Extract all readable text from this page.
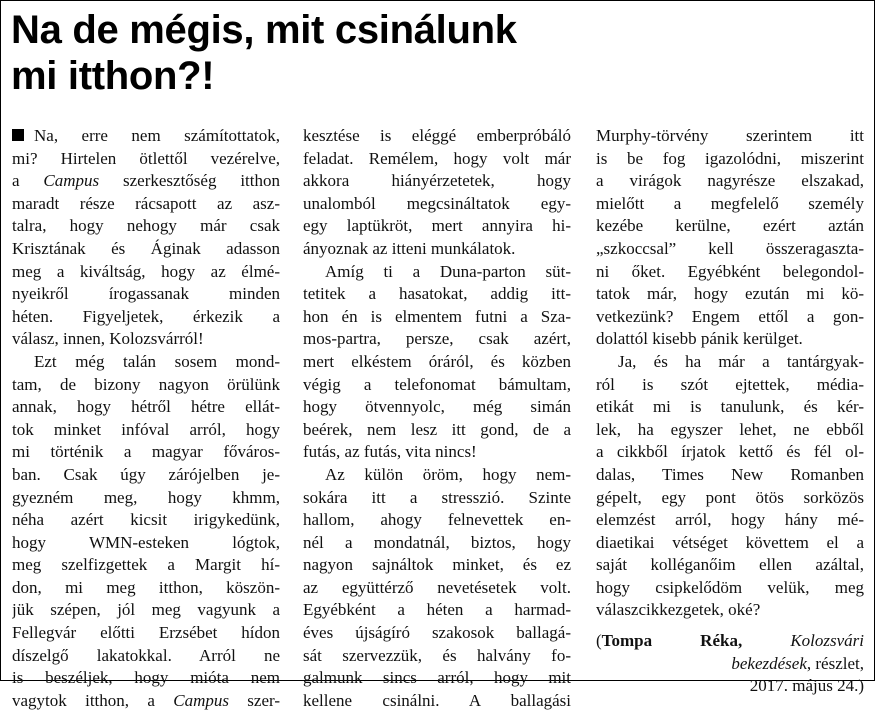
Na de mégis, mit csinálunk
mi itthon?!
Na, erre nem számítottatok,
mi? Hirtelen ötlettől vezérelve,
a Campus szerkesztőség itthon
maradt része rácsapott az asz-
talra, hogy nehogy már csak
Krisztának és Áginak adasson
meg a kiváltság, hogy az élmé-
nyeikről írogassanak minden
héten. Figyeljetek, érkezik a
válasz, innen, Kolozsvárról!
Ezt még talán sosem mond-
tam, de bizony nagyon örülünk
annak, hogy hétről hétre ellát-
tok minket infóval arról, hogy
mi történik a magyar főváros-
ban. Csak úgy zárójelben je-
gyezném meg, hogy khmm,
néha azért kicsit irigykedünk,
hogy WMN-esteken lógtok,
meg szelfizgettek a Margit hí-
don, mi meg itthon, köszön-
jük szépen, jól meg vagyunk a
Fellegvár előtti Erzsébet hídon
díszelgő lakatokkal. Arról ne
is beszéljek, hogy mióta nem
vagytok itthon, a Campus szer-
kesztése is eléggé emberpróbáló
feladat. Remélem, hogy volt már
akkora hiányérzetetek, hogy
unalomból megcsináltatok egy-
egy laptükröt, mert annyira hi-
ányoznak az itteni munkálatok.
Amíg ti a Duna-parton süt-
tetitek a hasatokat, addig itt-
hon én is elmentem futni a Sza-
mos-partra, persze, csak azért,
mert elkéstem óráról, és közben
végig a telefonomat bámultam,
hogy ötvennyolc, még simán
beérek, nem lesz itt gond, de a
futás, az futás, vita nincs!
Az külön öröm, hogy nem-
sokára itt a stresszió. Szinte
hallom, ahogy felnevettek en-
nél a mondatnál, biztos, hogy
nagyon sajnáltok minket, és ez
az együttérző nevetésetek volt.
Egyébként a héten a harmad-
éves újságíró szakosok ballagá-
sát szervezzük, és halvány fo-
galmunk sincs arról, hogy mit
kellene csinálni. A ballagási
Murphy-törvény szerintem itt
is be fog igazolódni, miszerint
a virágok nagyrésze elszakad,
mielőtt a megfelelő személy
kezébe kerülne, ezért aztán
„szkoccsal” kell összeragaszta-
ni őket. Egyébként belegondol-
tatok már, hogy ezután mi kö-
vetkezünk? Engem ettől a gon-
dolattól kisebb pánik kerülget.
Ja, és ha már a tantárgyak-
ról is szót ejtettek, média-
etikát mi is tanulunk, és kér-
lek, ha egyszer lehet, ne ebből
a cikkből írjatok kettő és fél ol-
dalas, Times New Romanben
gépelt, egy pont ötös sorközös
elemzést arról, hogy hány mé-
diaetikai vétséget követtem el a
saját kolléganőim ellen azáltal,
hogy csipkelődöm velük, meg
válaszcikkezgetek, oké?
(Tompa Réka, Kolozsvári
bekezdések, részlet,
2017. május 24.)
